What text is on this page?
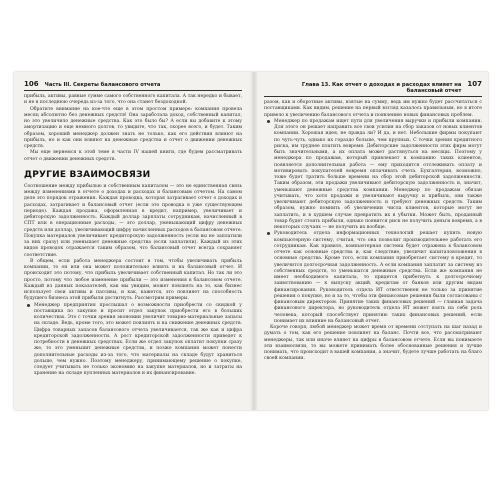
106 Часть III. Секреты балансового отчета

прибыль, активы, равные сумме самого собственного капитала. А так нередко и бывает, и не в последнюю очередь из-за того, что она станет бездоходной.

Обратите внимание на кое-что еще в этом простом примере: компания провела месяц абсолютно без денежных средств! Она заработала доход, собственный капитал, но это увеличило денежные средства. Как это было бы? А если вы добавите к этому амортизацию и еще немного долгов, то увидите, что так, скорее всего, и будет. Таким образом, хороший менеджер должен знать не только, как его действия влияют на прибыль, но и как они влияют на денежные средства и отчет о движении денежных средств.

Мы еще вернемся к этой теме в части IV нашей книги, где будем рассматривать отчет о движении денежных средств.

ДРУГИЕ ВЗАИМОСВЯЗИ

Соотношение между прибылью и собственным капиталом — это не единственная связь между изменениями в отчете о доходах и расходах и балансовым отчетом. На самом деле это порядок отражения. Каждая проводка, которая затрагивает отчет о доходах и расходах, затрагивает и балансовый отчет (если это проводка в уже существующем периоде). Каждая продажа, оформленная в кредит, например, увеличивает и дебиторскую задолженность. Каждый доллар зарплаты сотрудникам, начисленный в СПТ или в операционные расходы, — это доллар, уменьшающий цифру денежных средств или доллар, увеличивающий цифру начисленных расходов в балансовом отчете. Покупка материалов увеличивает кредиторскую задолженность (если вы не заплатили за них сразу) или уменьшает денежные средства (если заплатили). Каждый из этих видов проводок отражается таким образом, что балансовый отчет всегда сохраняет соответствие.

В общем, если работа менеджера состоит в том, чтобы увеличивать прибыль компании, то он или она может положительно влиять и на балансовый отчет. И происходит это потому, что прибыль увеличивает собственный капитал. Но так ли это просто, потому что любое изменение прибыли — это изменения в балансовом отчете. Каждый из данных показателей, как мы увидим, может повлиять на то, как бизнес использует свои активы и пассивы, и как, кажется, это повлияет на способность будущего бизнеса этой прибыли достигнуть. Рассмотрим примеры.

Менеджер предприятия прослышал о возможности приобрести со скидкой у поставщика по закупке и просит отдел закупок приобрести его в больших количествах. Это с точки зрения экономии увеличит товарно-материальные запасы на складе. Ведь, кроме того, это может повлиять и на снижение денежных средств. Цифра товарных запасов балансового отчета увеличивается, так же как и цифра кредиторской задолженности. А рост кредиторской задолженности приведет к потребности в денежных средствах. Если же отдел закупок оплатит покупки сразу же, то это уменьшит денежные средства, и позже компания может понести дополнительные расходы из-за того, что материалы на складе будут храниться дольше, чем нужно. Поэтому менеджеру, принимающему решение о покупке, следует учитывать не только экономию на закупке материалов, но и затраты на хранение на складе купленных материалов и их финансирование.

Глава 13. Как отчет о доходах и расходах влияет на балансовый отчет
107

разом, как и оборотные активы, взятые на сумму, ведь им нужно будет рассчитаться с поставщиками. Как видим, решение на первый взгляд казалось правильным, но в итоге привело к увеличению балансового отчета и появлению новых финансовых проблем.

Менеджер по продажам ищет пути для увеличения выручки и прибыли компании. Для этого он решает направить все свои усилия на сбор заказов от новых клиентов компании. Хорошая идея, не правда ли? И да, и нет. Небольшие фирмы покупают по чуть-чуть, однако их гораздо больше, чем крупных. С точки зрения кредитного риска, им труднее платить вовремя. Дебиторские задолженности этих фирм могут быть значительными, а их оплата может растянуться на месяцы. Поэтому у менеджера по продажам, который привлекает в компанию таких клиентов, появляется дополнительная работа — ему приходится отслеживать оплату и мотивировать покупателей вовремя оплачивать счета. Бухгалтерия, возможно, тоже будет тратить больше времени на сбор этой дебиторской задолженности. Таким образом, эти продажи увеличивают дебиторскую задолженность и, значит, уменьшают денежные средства компании. Менеджер по продажам обязан учитывать, что хотя продажи и увеличивают выручку и прибыль, они также увеличивают дебиторскую задолженность и требуют денежных средств. Таким образом, нужно помнить об увеличении числа клиентов, которые могут не заплатить, и в худшем случае превратить их в убытки. Может быть, проданный товар будет стоить прибыли, однако появится риск не получить деньги вовремя, а в некоторых случаях — не получить их вообще.

Руководитель отдела информационных технологий решает купить новую компьютерную систему, считая, что она позволит производительнее работать его сотрудникам. Как правило, компьютерная система будет отражена в балансовом отчете как основные средства и, как следствие, увеличит капиталовложения в основные средства. Кроме того, если компания приобретает систему в кредит, то увеличится долгосрочная задолженность. А если компания заплатит за систему из собственных средств, то уменьшатся денежные средства. Если же компания не имеет необходимого капитала, то придется прибегнуть к долгосрочному заимствованию — к выпуску акций, кредитам от банков или другим видам финансирования. Руководитель отдела ИТ ответственен не только за принятие решения о покупке, но и за то, чтобы эти финансовые решения были согласованы с финансовым директором. Принятие таких финансовых решений — главная задача финансового директора, но руководитель отдела ИТ может взять на себя роль человека, который способствует принятию таких финансовых решений, если понимает их влияние на балансовый отчет.

Короче говоря, любой менеджер может время от времени отступать на шаг назад и думать о том, как его решение повлияет на баланс. Почти все, что рассматривают менеджеры, так или иначе влияет на цифры в балансовом отчете. Если вы понимаете эти взаимосвязи, то вы можете принимать более обоснованные решения и лучше понимать, что происходит в вашей компании, а значит, будете лучше работать на благо своей компании.
